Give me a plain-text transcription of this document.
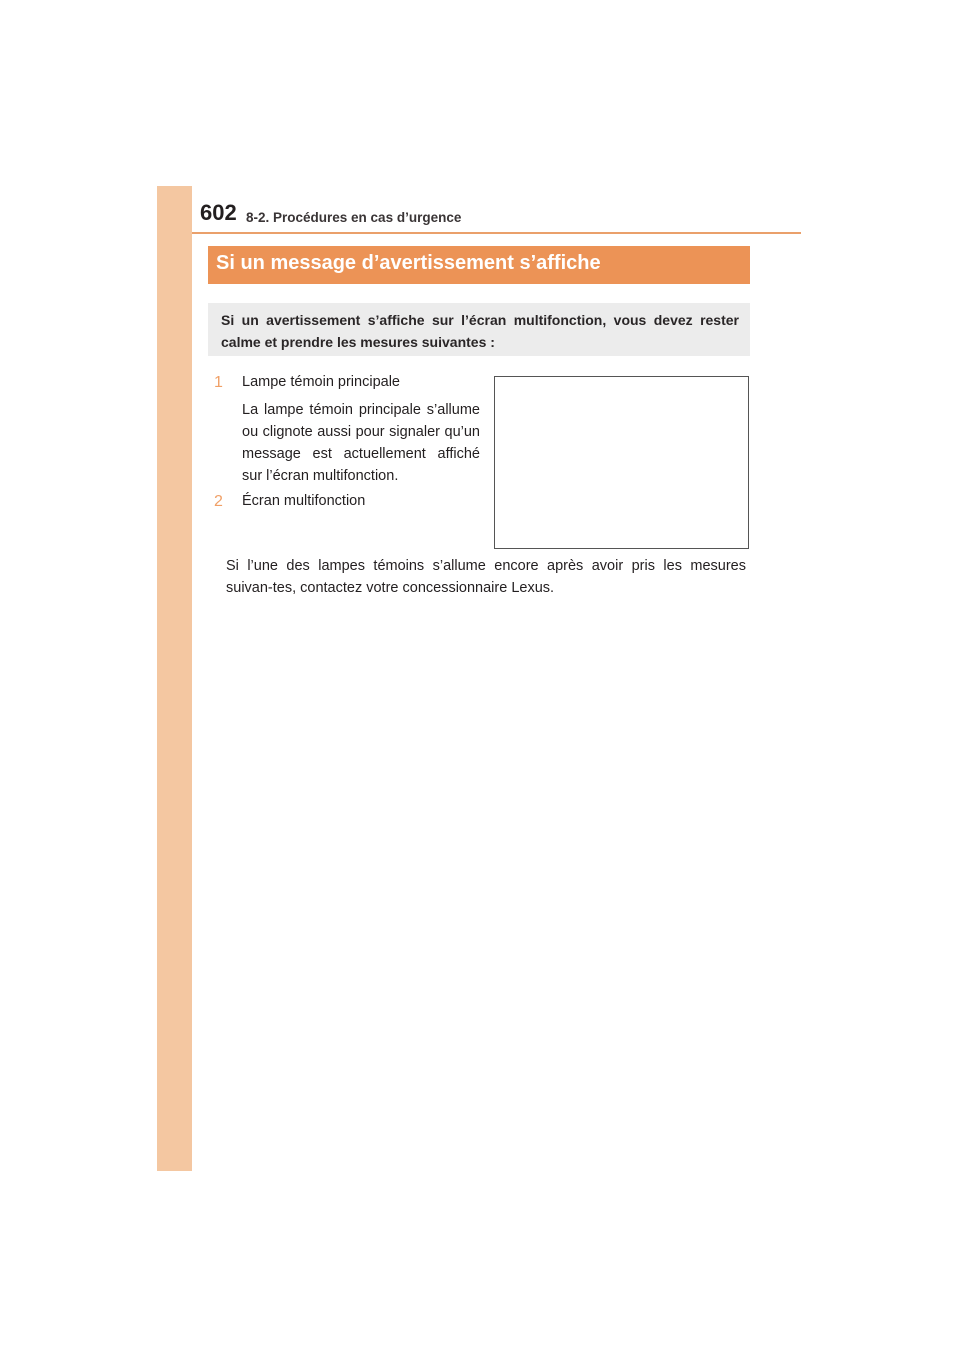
602 8-2. Procédures en cas d’urgence
Si un message d’avertissement s’affiche
Si un avertissement s’affiche sur l’écran multifonction, vous devez rester calme et prendre les mesures suivantes :
1 Lampe témoin principale
La lampe témoin principale s’allume ou clignote aussi pour signaler qu’un message est actuellement affiché sur l’écran multifonction.
2 Écran multifonction
Si l’une des lampes témoins s’allume encore après avoir pris les mesures suivan-tes, contactez votre concessionnaire Lexus.
